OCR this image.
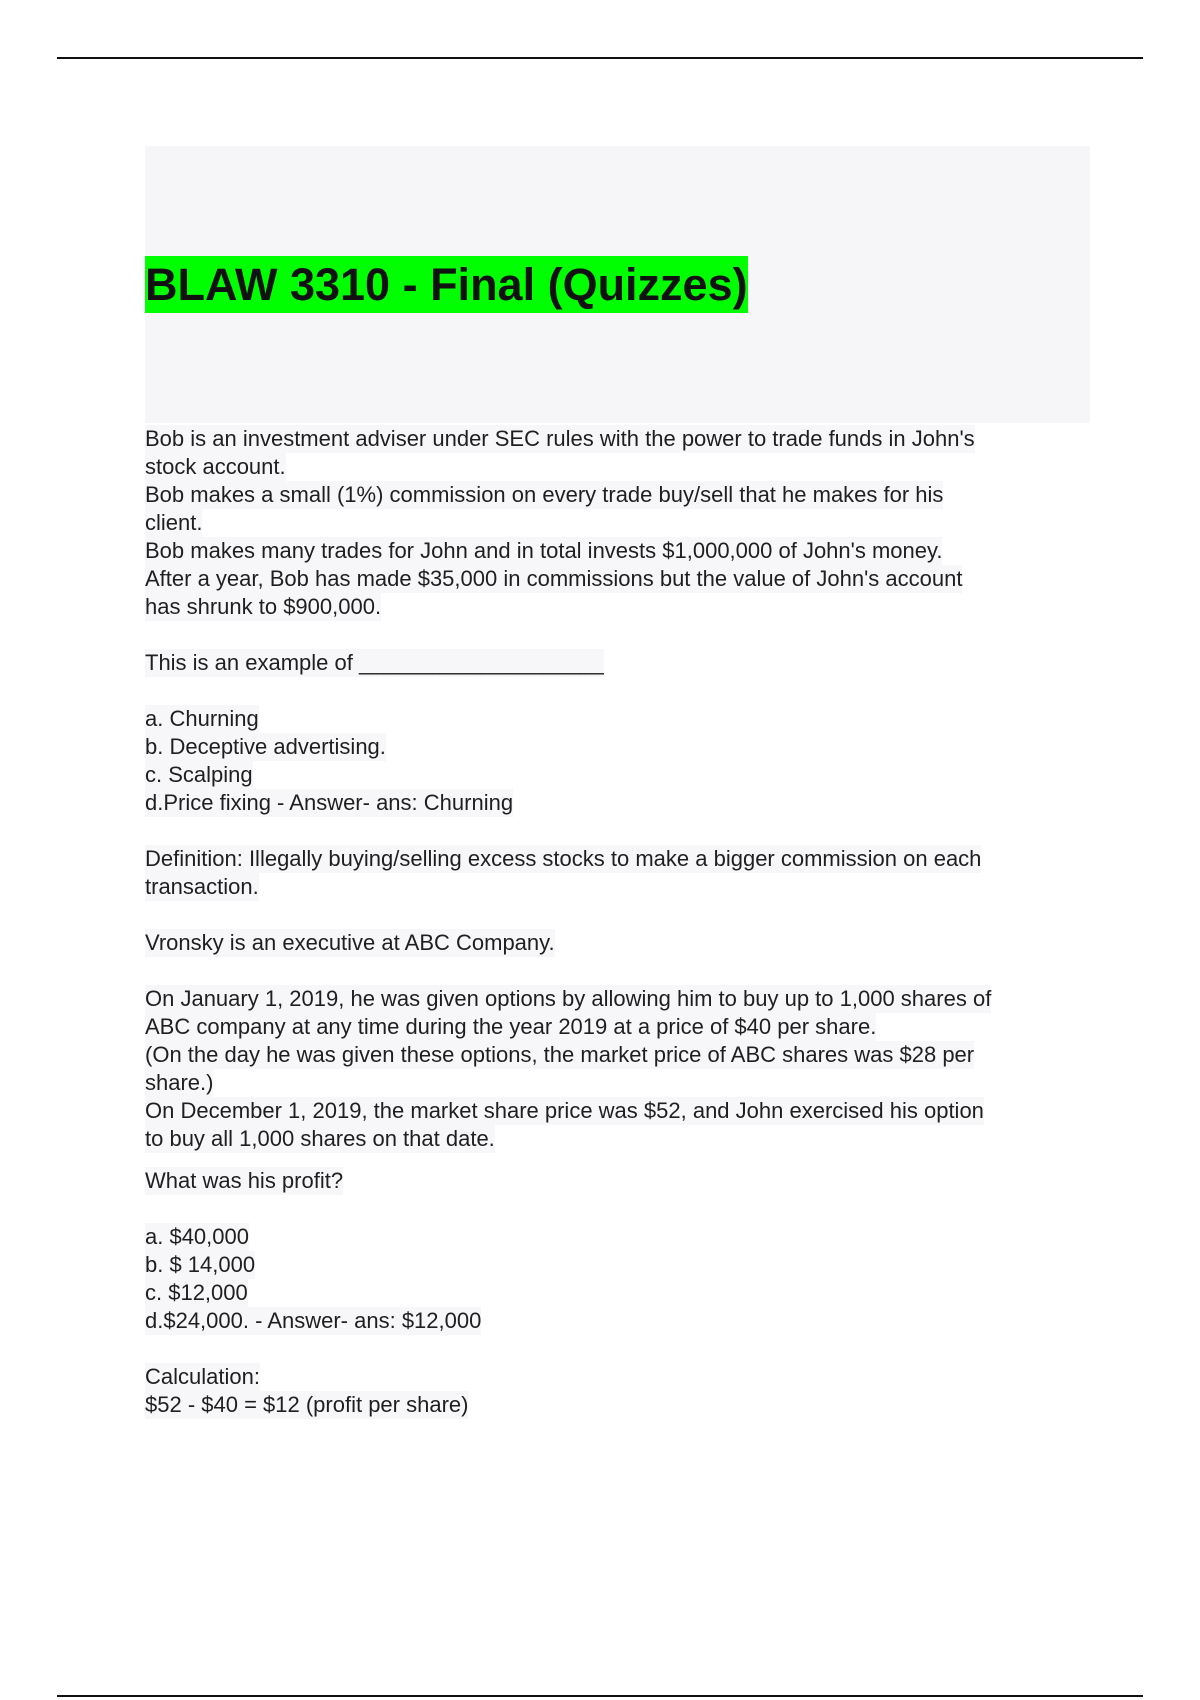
BLAW 3310 - Final (Quizzes)
Bob is an investment adviser under SEC rules with the power to trade funds in John's
stock account.
Bob makes a small (1%) commission on every trade buy/sell that he makes for his
client.
Bob makes many trades for John and in total invests $1,000,000 of John's money.
After a year, Bob has made $35,000 in commissions but the value of John's account
has shrunk to $900,000.
This is an example of ____________________
a. Churning
b. Deceptive advertising.
c. Scalping
d.Price fixing - Answer- ans: Churning
Definition: Illegally buying/selling excess stocks to make a bigger commission on each
transaction.
Vronsky is an executive at ABC Company.
On January 1, 2019, he was given options by allowing him to buy up to 1,000 shares of
ABC company at any time during the year 2019 at a price of $40 per share.
(On the day he was given these options, the market price of ABC shares was $28 per
share.)
On December 1, 2019, the market share price was $52, and John exercised his option
to buy all 1,000 shares on that date.
What was his profit?
a. $40,000
b. $ 14,000
c. $12,000
d.$24,000. - Answer- ans: $12,000
Calculation:
$52 - $40 = $12 (profit per share)
